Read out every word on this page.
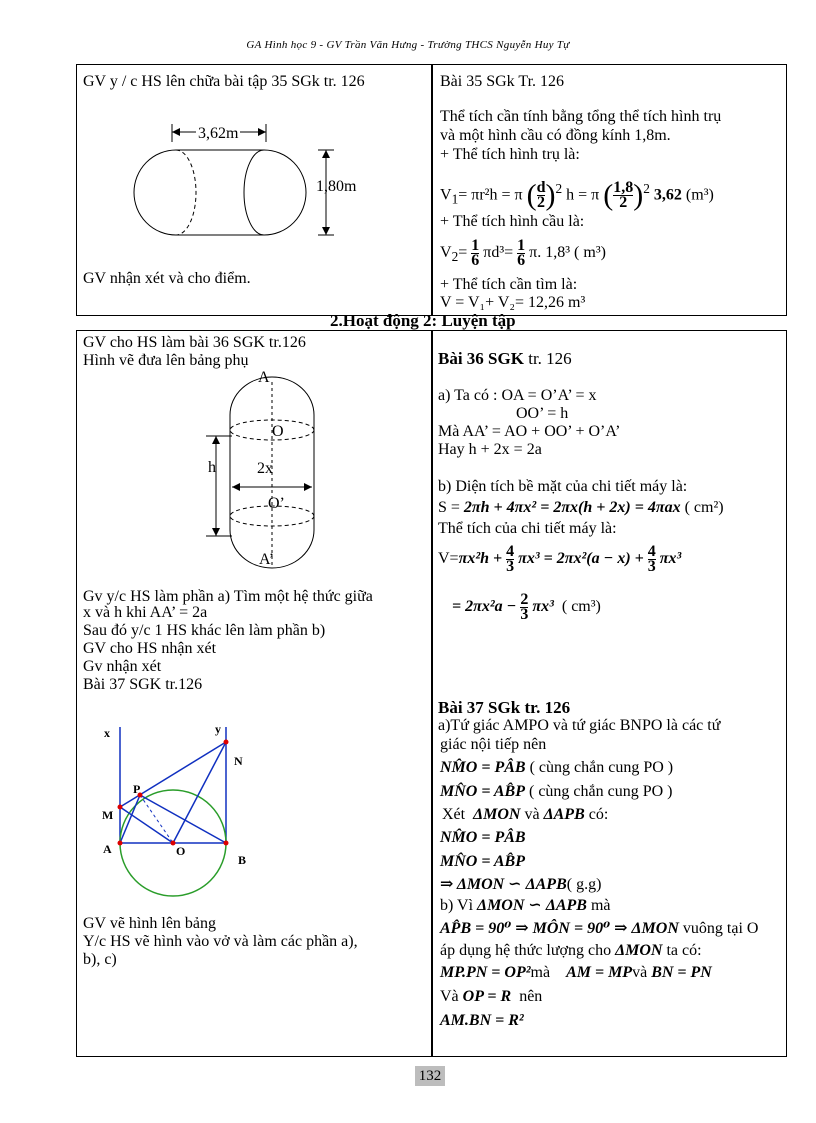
GA Hình học 9 - GV Trần Văn Hưng - Trường THCS Nguyễn Huy Tự
GV y / c HS lên chữa bài tập 35 SGk tr. 126
3,62m
1,80m
GV nhận xét và cho điểm.
Bài 35 SGk Tr. 126
Thể tích cần tính bằng tổng thể tích hình trụ
và một hình cầu có đồng kính 1,8m.
+ Thể tích hình trụ là:
$V_1= \pi r^2h = \pi$ ( $\frac{d}{2} )^2$ h = π ( $\frac{1,8}{2} )^2$ 3,62 (m³)
+ Thể tích hình cầu là:
$V_2= \frac{1}{6} \pi d^3= \frac{1}{6} \pi$. 1,8³ ( m³)
+ Thể tích cần tìm là:
V = V₁+ V₂= 12,26 m³
2.Hoạt động 2: Luyện tập
GV cho HS làm bài 36 SGK tr.126
Hình vẽ đưa lên bảng phụ
A
O
h	2x
O’
A’
Gv y/c HS làm phần a) Tìm một hệ thức giữa
x và h khi AA’ = 2a
Sau đó y/c 1 HS khác lên làm phần b)
GV cho HS nhận xét
Gv nhận xét
Bài 37 SGK tr.126
x	y
N
P
M
A	O
B
GV vẽ hình lên bảng
Y/c HS vẽ hình vào vở và làm các phần a),
b), c)
Bài 36 SGK tr. 126
a) Ta có : OA = O’A’ = x
OO’ = h
Mà AA’ = AO + OO’ + O’A’
Hay h + 2x = 2a
b) Diện tích bề mặt của chi tiết máy là:
S = 2πh + 4πx² = 2πx(h + 2x) = 4πax ( cm²)
Thể tích của chi tiết máy là:
$V=\pi x^2h + \frac{4}{3} \pi x^3 = 2\pi x^2(a - x) + \frac{4}{3} \pi x^3$
= $2\pi x^2a - \frac{2}{3} \pi x^3$ ( cm³)
Bài 37 SGk tr. 126
a)Tứ giác AMPO và tứ giác BNPO là các tứ
giác nội tiếp nên
NM̂O = PÂB ( cùng chắn cung PO )
MN̂O = AB̂P ( cùng chắn cung PO )
Xét ΔMON và ΔAPB có:
NM̂O = PÂB
MN̂O = AB̂P
⇒ ΔMON ∽ ΔAPB( g.g)
b) Vì ΔMON ∽ ΔAPB mà
AP̂B = 90⁰ ⇒ MÔN = 90⁰ ⇒ ΔMON vuông tại O
áp dụng hệ thức lượng cho ΔMON ta có:
MP.PN = OP²mà AM = MPvà BN = PN
Và OP = R nên
AM.BN = R²
132
